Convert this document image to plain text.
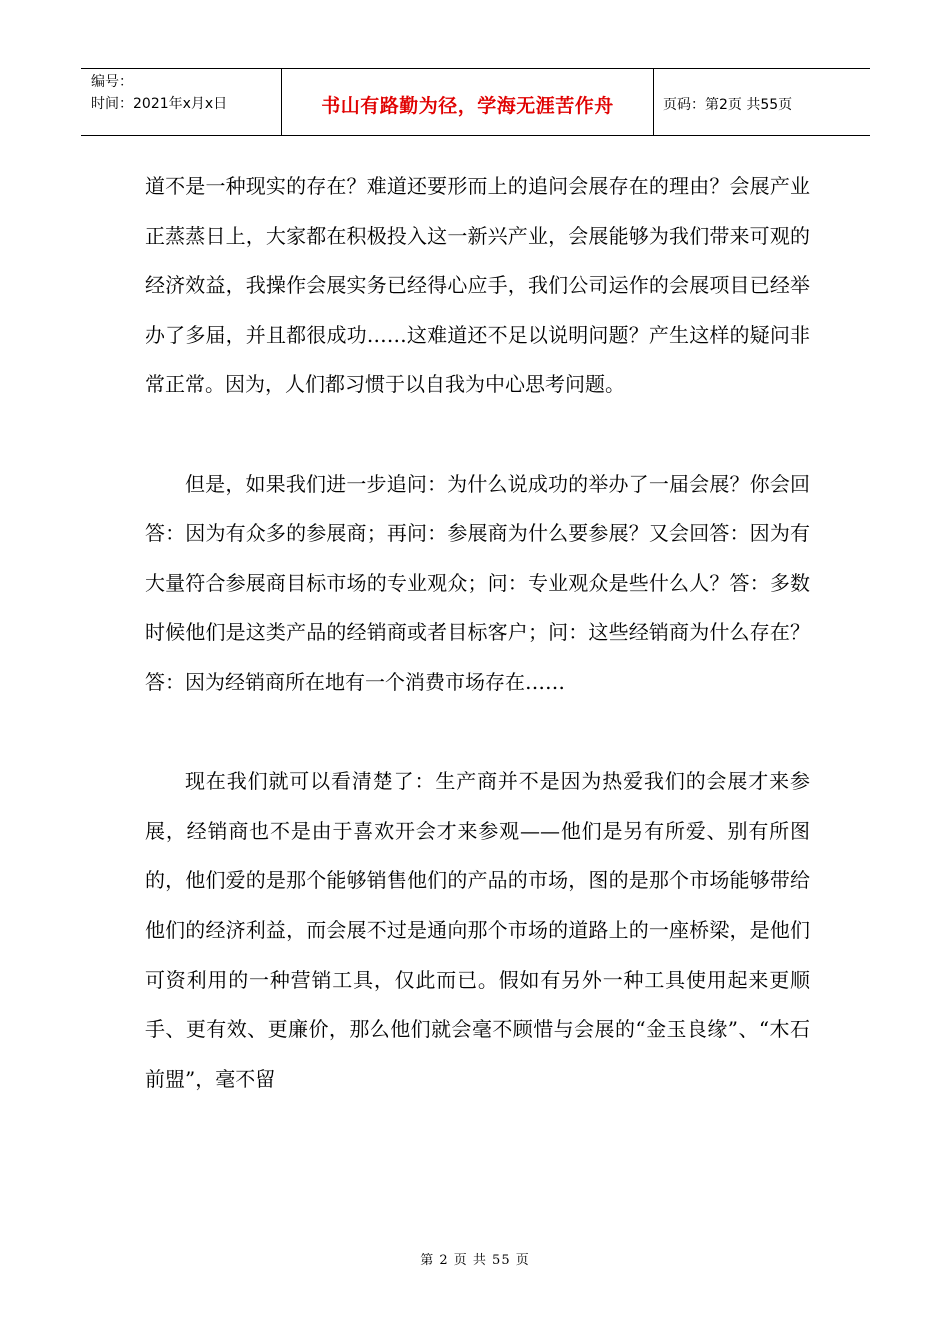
编号：
时间：2021年x月x日	书山有路勤为径，学海无涯苦作舟	页码：第2页 共55页

道不是一种现实的存在？难道还要形而上的追问会展存在的理由？会展产业正蒸蒸日上，大家都在积极投入这一新兴产业，会展能够为我们带来可观的经济效益，我操作会展实务已经得心应手，我们公司运作的会展项目已经举办了多届，并且都很成功……这难道还不足以说明问题？产生这样的疑问非常正常。因为，人们都习惯于以自我为中心思考问题。

但是，如果我们进一步追问：为什么说成功的举办了一届会展？你会回答：因为有众多的参展商；再问：参展商为什么要参展？又会回答：因为有大量符合参展商目标市场的专业观众；问：专业观众是些什么人？答：多数时候他们是这类产品的经销商或者目标客户；问：这些经销商为什么存在？答：因为经销商所在地有一个消费市场存在……

现在我们就可以看清楚了：生产商并不是因为热爱我们的会展才来参展，经销商也不是由于喜欢开会才来参观——他们是另有所爱、别有所图的，他们爱的是那个能够销售他们的产品的市场，图的是那个市场能够带给他们的经济利益，而会展不过是通向那个市场的道路上的一座桥梁，是他们可资利用的一种营销工具，仅此而已。假如有另外一种工具使用起来更顺手、更有效、更廉价，那么他们就会毫不顾惜与会展的“金玉良缘”、“木石前盟”，毫不留

第 2 页 共 55 页
